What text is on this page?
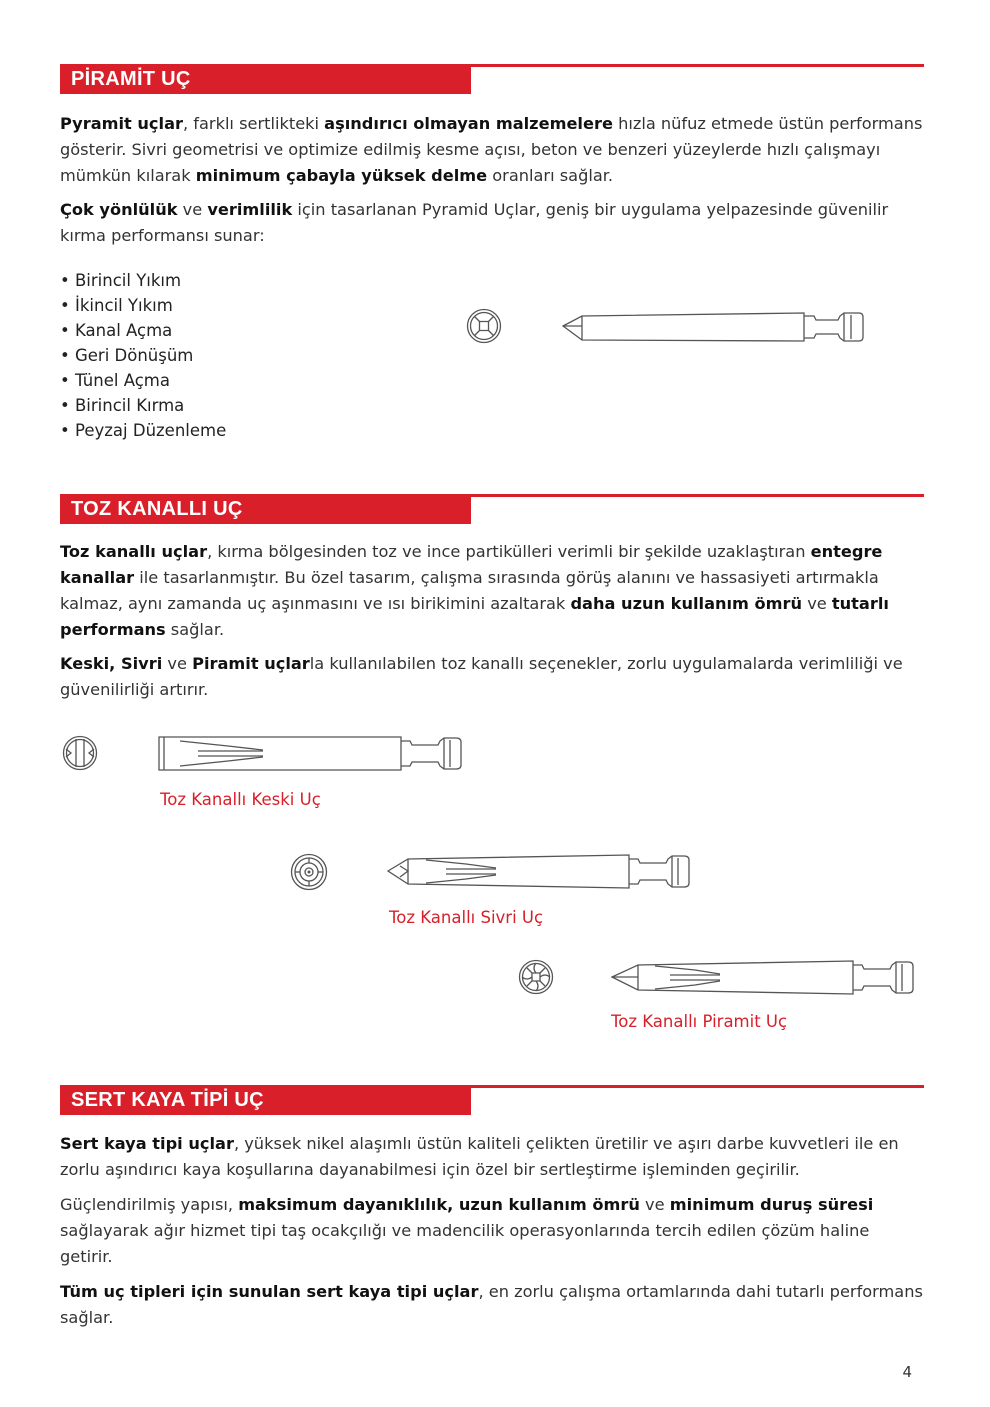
PİRAMİT UÇ

Pyramit uçlar, farklı sertlikteki aşındırıcı olmayan malzemelere hızla nüfuz etmede üstün performans gösterir. Sivri geometrisi ve optimize edilmiş kesme açısı, beton ve benzeri yüzeylerde hızlı çalışmayı mümkün kılarak minimum çabayla yüksek delme oranları sağlar.

Çok yönlülük ve verimlilik için tasarlanan Pyramid Uçlar, geniş bir uygulama yelpazesinde güvenilir kırma performansı sunar:

• Birincil Yıkım
• İkincil Yıkım
• Kanal Açma
• Geri Dönüşüm
• Tünel Açma
• Birincil Kırma
• Peyzaj Düzenleme
TOZ KANALLI UÇ

Toz kanallı uçlar, kırma bölgesinden toz ve ince partikülleri verimli bir şekilde uzaklaştıran entegre kanallar ile tasarlanmıştır. Bu özel tasarım, çalışma sırasında görüş alanını ve hassasiyeti artırmakla kalmaz, aynı zamanda uç aşınmasını ve ısı birikimini azaltarak daha uzun kullanım ömrü ve tutarlı performans sağlar.

Keski, Sivri ve Piramit uçlarla kullanılabilen toz kanallı seçenekler, zorlu uygulamalarda verimliliği ve güvenilirliği artırır.

Toz Kanallı Keski Uç
Toz Kanallı Sivri Uç
Toz Kanallı Piramit Uç
SERT KAYA TİPİ UÇ

Sert kaya tipi uçlar, yüksek nikel alaşımlı üstün kaliteli çelikten üretilir ve aşırı darbe kuvvetleri ile en zorlu aşındırıcı kaya koşullarına dayanabilmesi için özel bir sertleştirme işleminden geçirilir.

Güçlendirilmiş yapısı, maksimum dayanıklılık, uzun kullanım ömrü ve minimum duruş süresi sağlayarak ağır hizmet tipi taş ocakçılığı ve madencilik operasyonlarında tercih edilen çözüm haline getirir.

Tüm uç tipleri için sunulan sert kaya tipi uçlar, en zorlu çalışma ortamlarında dahi tutarlı performans sağlar.

4
